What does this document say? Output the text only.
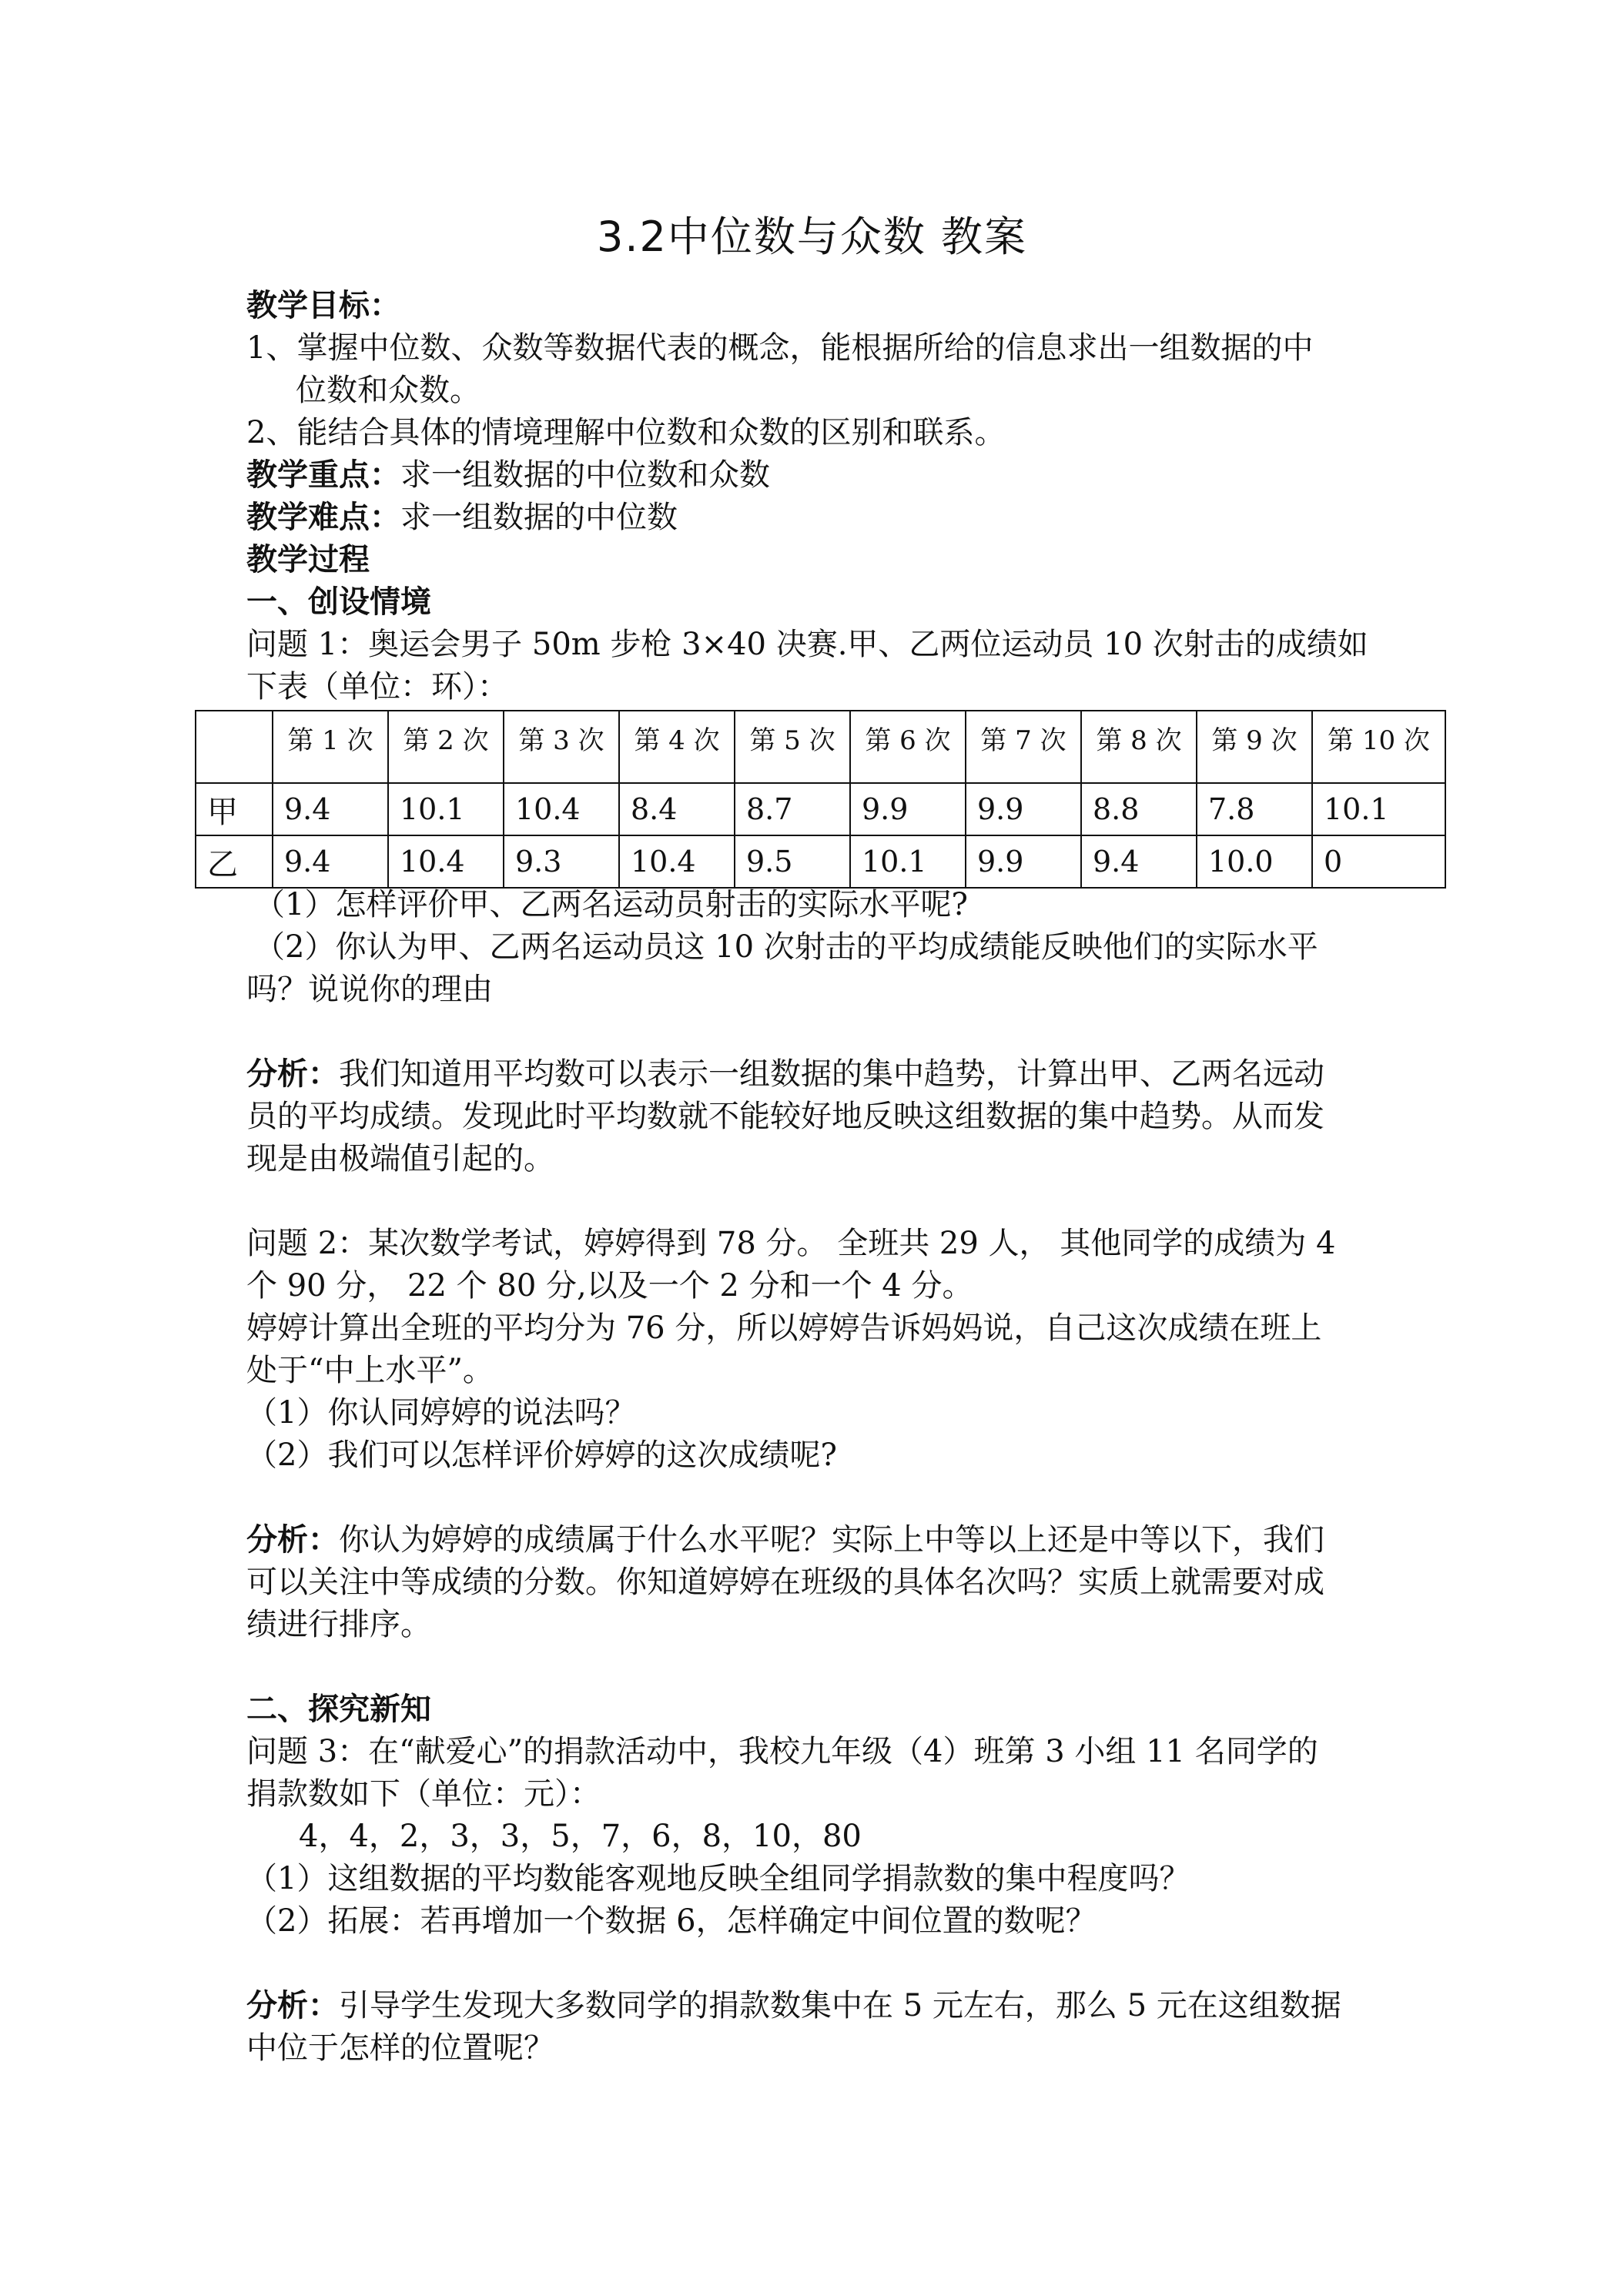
3.2中位数与众数 教案
教学目标：
1、掌握中位数、众数等数据代表的概念，能根据所给的信息求出一组数据的中
位数和众数。
2、能结合具体的情境理解中位数和众数的区别和联系。
教学重点：求一组数据的中位数和众数
教学难点：求一组数据的中位数
教学过程
一、创设情境
问题 1：奥运会男子 50m 步枪 3×40 决赛.甲、乙两位运动员 10 次射击的成绩如
下表（单位：环）：
	第 1 次	第 2 次	第 3 次	第 4 次	第 5 次	第 6 次	第 7 次	第 8 次	第 9 次	第 10 次
甲	9.4	10.1	10.4	8.4	8.7	9.9	9.9	8.8	7.8	10.1
乙	9.4	10.4	9.3	10.4	9.5	10.1	9.9	9.4	10.0	0
（1）怎样评价甲、乙两名运动员射击的实际水平呢?
（2）你认为甲、乙两名运动员这 10 次射击的平均成绩能反映他们的实际水平
吗？说说你的理由
分析：我们知道用平均数可以表示一组数据的集中趋势，计算出甲、乙两名远动
员的平均成绩。发现此时平均数就不能较好地反映这组数据的集中趋势。从而发
现是由极端值引起的。
问题 2：某次数学考试，婷婷得到 78 分。 全班共 29 人， 其他同学的成绩为 4
个 90 分， 22 个 80 分,以及一个 2 分和一个 4 分。
婷婷计算出全班的平均分为 76 分，所以婷婷告诉妈妈说，自己这次成绩在班上
处于“中上水平”。
（1）你认同婷婷的说法吗？
（2）我们可以怎样评价婷婷的这次成绩呢?
分析：你认为婷婷的成绩属于什么水平呢？实际上中等以上还是中等以下，我们
可以关注中等成绩的分数。你知道婷婷在班级的具体名次吗？实质上就需要对成
绩进行排序。
二、探究新知
问题 3：在“献爱心”的捐款活动中，我校九年级（4）班第 3 小组 11 名同学的
捐款数如下（单位：元）：
4，4，2，3，3，5，7，6，8，10，80
（1）这组数据的平均数能客观地反映全组同学捐款数的集中程度吗？
（2）拓展：若再增加一个数据 6，怎样确定中间位置的数呢？
分析：引导学生发现大多数同学的捐款数集中在 5 元左右，那么 5 元在这组数据
中位于怎样的位置呢？
